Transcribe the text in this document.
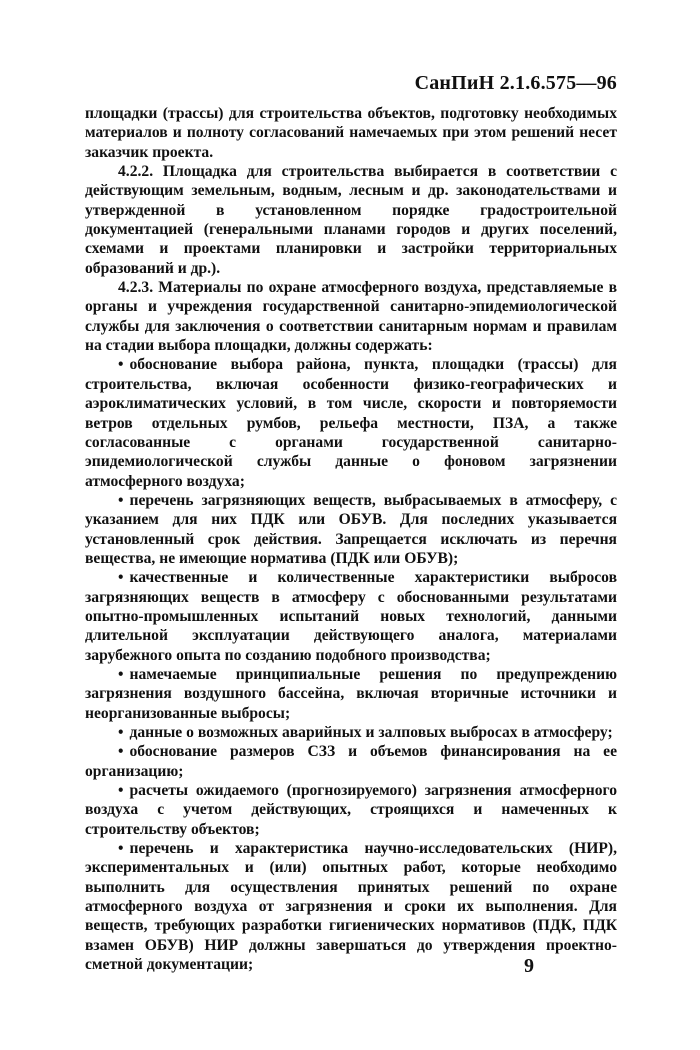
СанПиН 2.1.6.575—96

площадки (трассы) для строительства объектов, подготовку необходимых материалов и полноту согласований намечаемых при этом решений несет заказчик проекта.

4.2.2. Площадка для строительства выбирается в соответствии с действующим земельным, водным, лесным и др. законодательствами и утвержденной в установленном порядке градостроительной документацией (генеральными планами городов и других поселений, схемами и проектами планировки и застройки территориальных образований и др.).

4.2.3. Материалы по охране атмосферного воздуха, представляемые в органы и учреждения государственной санитарно-эпидемиологической службы для заключения о соответствии санитарным нормам и правилам на стадии выбора площадки, должны содержать:

• обоснование выбора района, пункта, площадки (трассы) для строительства, включая особенности физико-географических и аэроклиматических условий, в том числе, скорости и повторяемости ветров отдельных румбов, рельефа местности, ПЗА, а также согласованные с органами государственной санитарно-эпидемиологической службы данные о фоновом загрязнении атмосферного воздуха;

• перечень загрязняющих веществ, выбрасываемых в атмосферу, с указанием для них ПДК или ОБУВ. Для последних указывается установленный срок действия. Запрещается исключать из перечня вещества, не имеющие норматива (ПДК или ОБУВ);

• качественные и количественные характеристики выбросов загрязняющих веществ в атмосферу с обоснованными результатами опытно-промышленных испытаний новых технологий, данными длительной эксплуатации действующего аналога, материалами зарубежного опыта по созданию подобного производства;

• намечаемые принципиальные решения по предупреждению загрязнения воздушного бассейна, включая вторичные источники и неорганизованные выбросы;

• данные о возможных аварийных и залповых выбросах в атмосферу;

• обоснование размеров СЗЗ и объемов финансирования на ее организацию;

• расчеты ожидаемого (прогнозируемого) загрязнения атмосферного воздуха с учетом действующих, строящихся и намеченных к строительству объектов;

• перечень и характеристика научно-исследовательских (НИР), экспериментальных и (или) опытных работ, которые необходимо выполнить для осуществления принятых решений по охране атмосферного воздуха от загрязнения и сроки их выполнения. Для веществ, требующих разработки гигиенических нормативов (ПДК, ПДК взамен ОБУВ) НИР должны завершаться до утверждения проектно-сметной документации;	9
